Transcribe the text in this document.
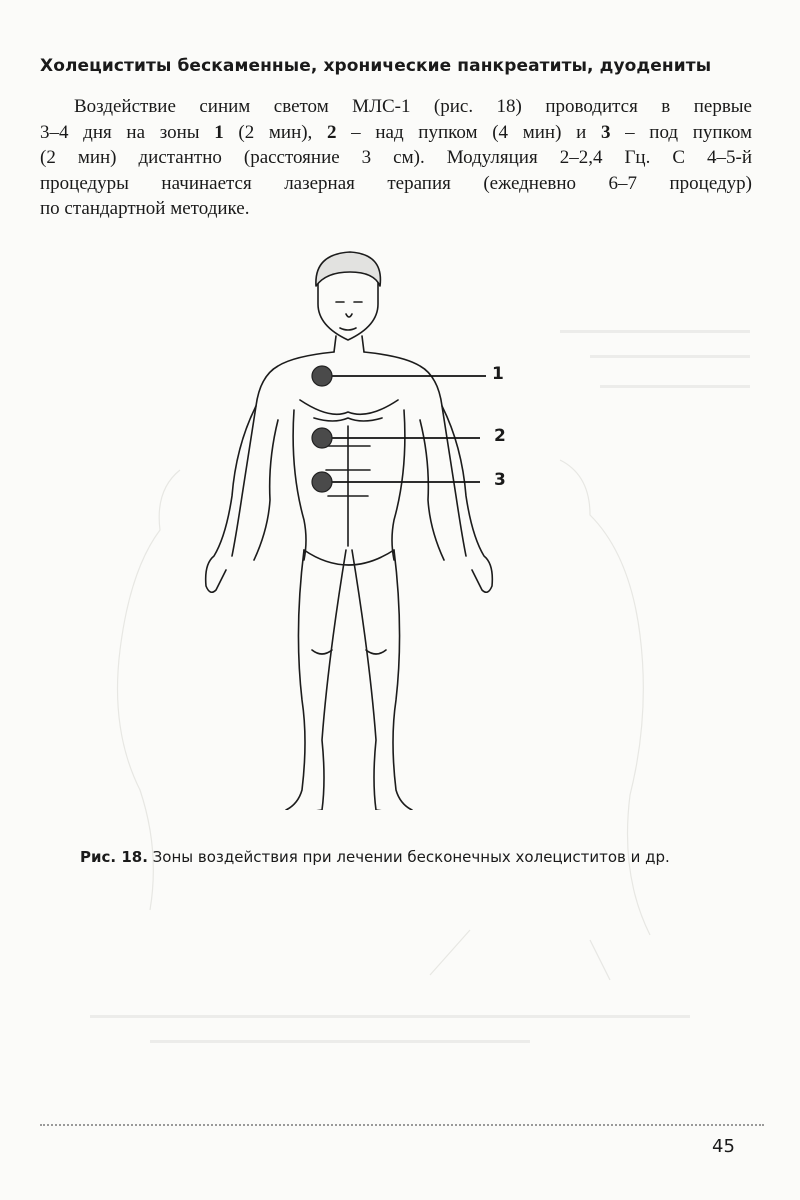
Холециститы бескаменные, хронические панкреатиты, дуодениты
Воздействие синим светом МЛС-1 (рис. 18) проводится в первые
3–4 дня на зоны 1 (2 мин), 2 – над пупком (4 мин) и 3 – под пупком
(2 мин) дистантно (расстояние 3 см). Модуляция 2–2,4 Гц. С 4–5-й
процедуры начинается лазерная терапия (ежедневно 6–7 процедур)
по стандартной методике.
1
2
3
Рис. 18. Зоны воздействия при лечении бесконечных холециститов и др.
45
